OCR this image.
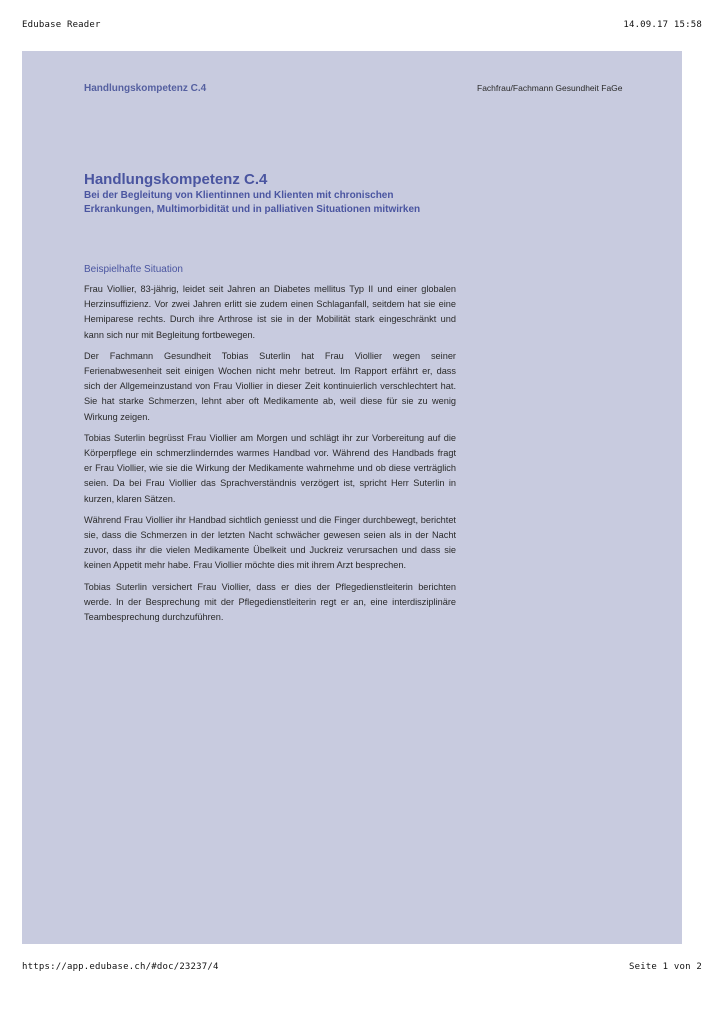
Edubase Reader	14.09.17 15:58
Handlungskompetenz C.4	Fachfrau/Fachmann Gesundheit FaGe
Handlungskompetenz C.4
Bei der Begleitung von Klientinnen und Klienten mit chronischen Erkrankungen, Multimorbidität und in palliativen Situationen mitwirken
Beispielhafte Situation

Frau Viollier, 83-jährig, leidet seit Jahren an Diabetes mellitus Typ II und einer globalen Herzinsuffizienz. Vor zwei Jahren erlitt sie zudem einen Schlaganfall, seitdem hat sie eine Hemiparese rechts. Durch ihre Arthrose ist sie in der Mobilität stark eingeschränkt und kann sich nur mit Begleitung fortbewegen.

Der Fachmann Gesundheit Tobias Suterlin hat Frau Viollier wegen seiner Ferienabwesenheit seit einigen Wochen nicht mehr betreut. Im Rapport erfährt er, dass sich der Allgemeinzustand von Frau Viollier in dieser Zeit kontinuierlich verschlechtert hat. Sie hat starke Schmerzen, lehnt aber oft Medikamente ab, weil diese für sie zu wenig Wirkung zeigen.

Tobias Suterlin begrüsst Frau Viollier am Morgen und schlägt ihr zur Vorbereitung auf die Körperpflege ein schmerzlinderndes warmes Handbad vor. Während des Handbads fragt er Frau Viollier, wie sie die Wirkung der Medikamente wahrnehme und ob diese verträglich seien. Da bei Frau Viollier das Sprachverständnis verzögert ist, spricht Herr Suterlin in kurzen, klaren Sätzen.

Während Frau Viollier ihr Handbad sichtlich geniesst und die Finger durchbewegt, berichtet sie, dass die Schmerzen in der letzten Nacht schwächer gewesen seien als in der Nacht zuvor, dass ihr die vielen Medikamente Übelkeit und Juckreiz verursachen und dass sie keinen Appetit mehr habe. Frau Viollier möchte dies mit ihrem Arzt besprechen.

Tobias Suterlin versichert Frau Viollier, dass er dies der Pflegedienstleiterin berichten werde. In der Besprechung mit der Pflegedienstleiterin regt er an, eine interdisziplinäre Teambesprechung durchzuführen.

https://app.edubase.ch/#doc/23237/4	Seite 1 von 2
